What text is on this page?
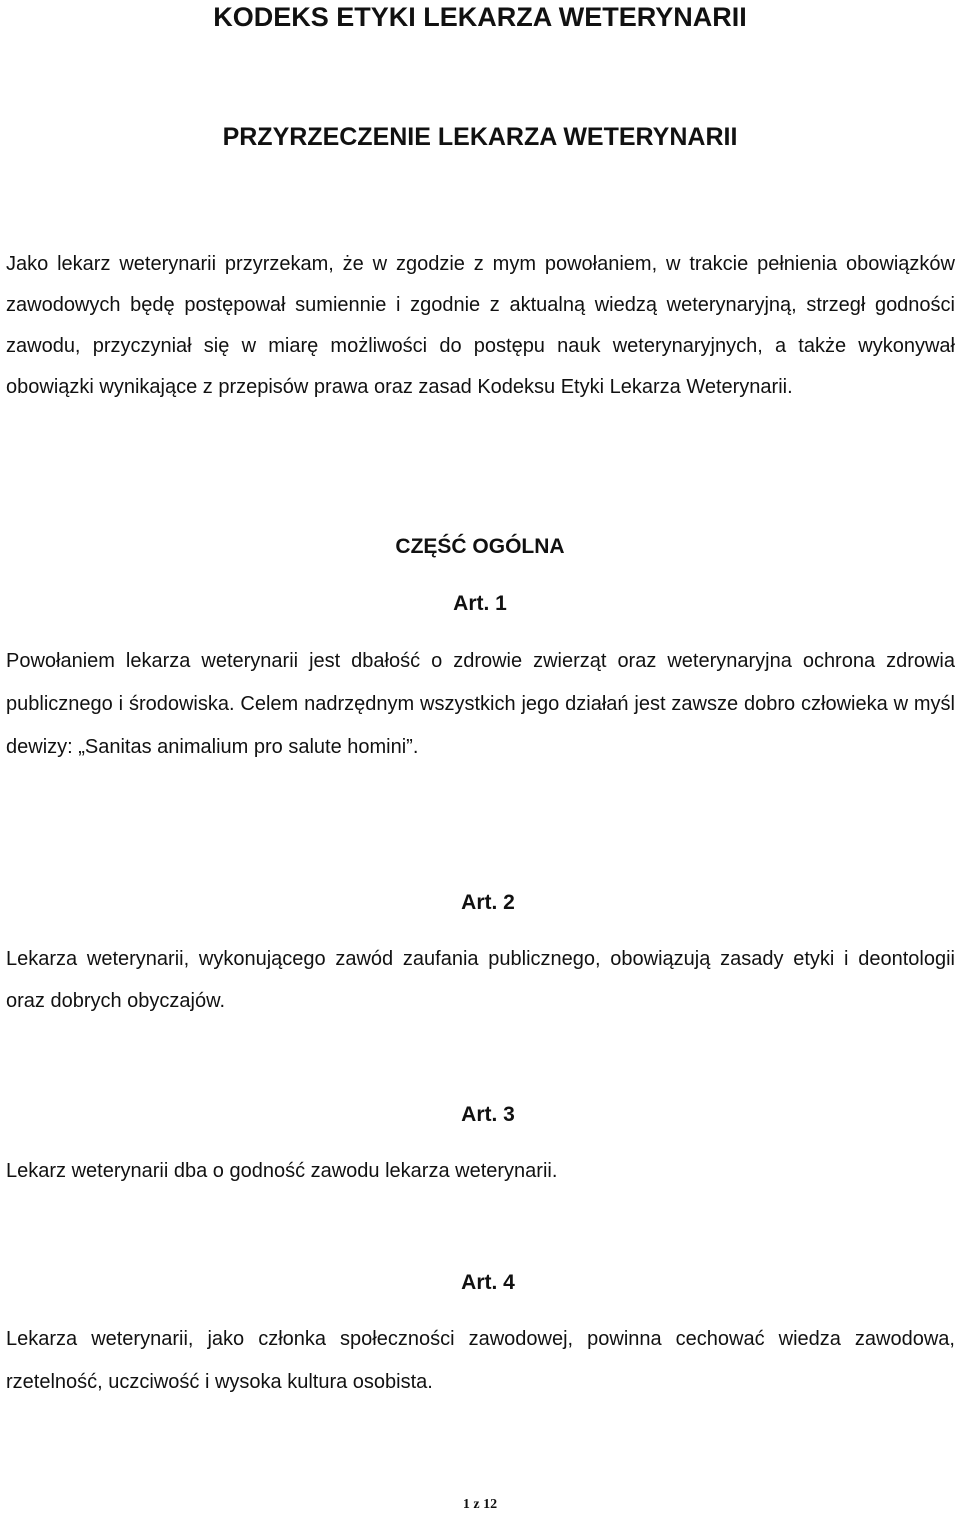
KODEKS ETYKI LEKARZA WETERYNARII
PRZYRZECZENIE LEKARZA WETERYNARII

Jako lekarz weterynarii przyrzekam, że w zgodzie z mym powołaniem, w trakcie pełnienia obowiązków zawodowych będę postępował sumiennie i zgodnie z aktualną wiedzą weterynaryjną, strzegł godności zawodu, przyczyniał się w miarę możliwości do postępu nauk weterynaryjnych, a także wykonywał obowiązki wynikające z przepisów prawa oraz zasad Kodeksu Etyki Lekarza Weterynarii.

CZĘŚĆ OGÓLNA
Art. 1

Powołaniem lekarza weterynarii jest dbałość o zdrowie zwierząt oraz weterynaryjna ochrona zdrowia publicznego i środowiska. Celem nadrzędnym wszystkich jego działań jest zawsze dobro człowieka w myśl dewizy: „Sanitas animalium pro salute homini”.

Art. 2

Lekarza weterynarii, wykonującego zawód zaufania publicznego, obowiązują zasady etyki i deontologii oraz dobrych obyczajów.

Art. 3

Lekarz weterynarii dba o godność zawodu lekarza weterynarii.

Art. 4

Lekarza weterynarii, jako członka społeczności zawodowej, powinna cechować wiedza zawodowa, rzetelność, uczciwość i wysoka kultura osobista.

1 z 12
